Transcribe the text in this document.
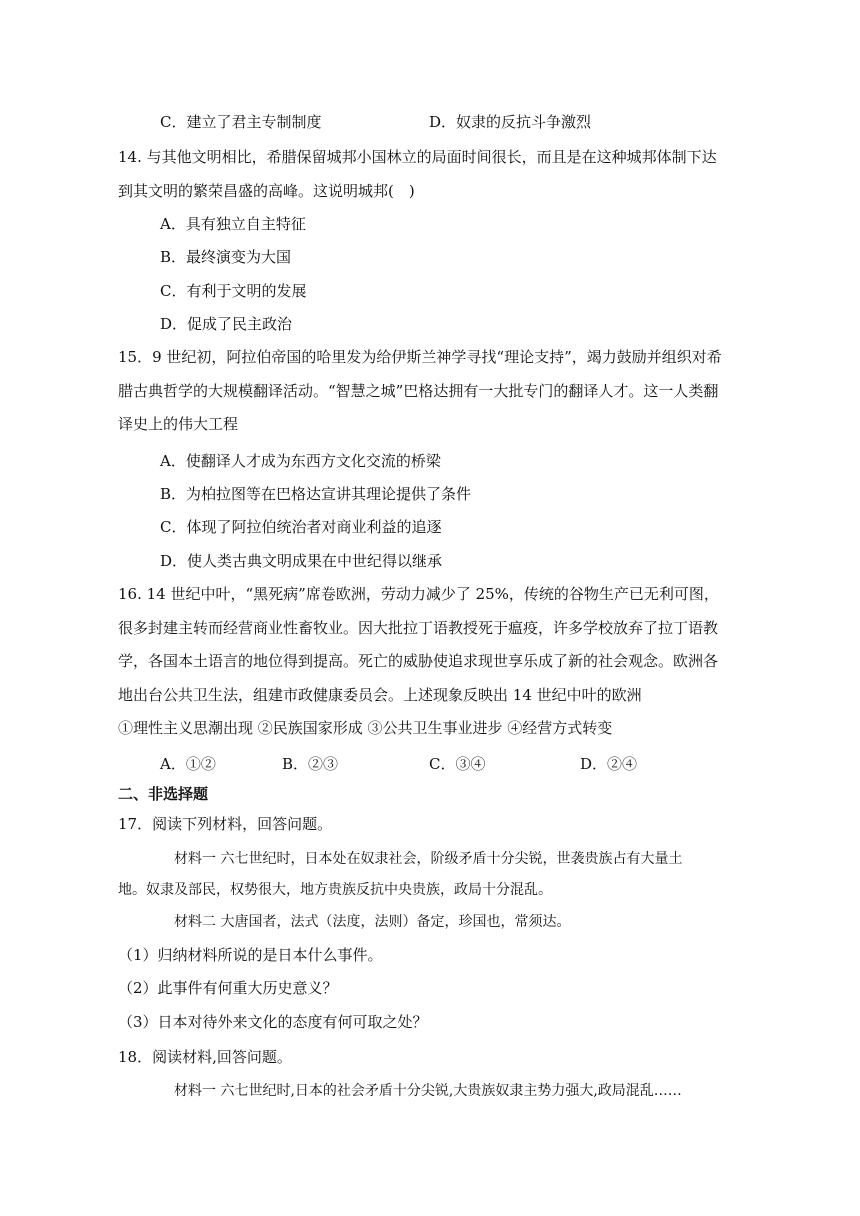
C．建立了君主专制制度	D．奴隶的反抗斗争激烈
14. 与其他文明相比，希腊保留城邦小国林立的局面时间很长，而且是在这种城邦体制下达
到其文明的繁荣昌盛的高峰。这说明城邦(　)
A．具有独立自主特征
B．最终演变为大国
C．有利于文明的发展
D．促成了民主政治
15．9 世纪初，阿拉伯帝国的哈里发为给伊斯兰神学寻找“理论支持”，竭力鼓励并组织对希
腊古典哲学的大规模翻译活动。“智慧之城”巴格达拥有一大批专门的翻译人才。这一人类翻
译史上的伟大工程
A．使翻译人才成为东西方文化交流的桥梁
B．为柏拉图等在巴格达宣讲其理论提供了条件
C．体现了阿拉伯统治者对商业利益的追逐
D．使人类古典文明成果在中世纪得以继承
16. 14 世纪中叶，“黑死病”席卷欧洲，劳动力减少了 25%，传统的谷物生产已无利可图，
很多封建主转而经营商业性畜牧业。因大批拉丁语教授死于瘟疫，许多学校放弃了拉丁语教
学，各国本土语言的地位得到提高。死亡的威胁使追求现世享乐成了新的社会观念。欧洲各
地出台公共卫生法，组建市政健康委员会。上述现象反映出 14 世纪中叶的欧洲
①理性主义思潮出现 ②民族国家形成 ③公共卫生事业进步 ④经营方式转变
A．①②	B．②③	C．③④	D．②④
二、非选择题
17．阅读下列材料，回答问题。
材料一 六七世纪时，日本处在奴隶社会，阶级矛盾十分尖锐，世袭贵族占有大量土
地。奴隶及部民，权势很大，地方贵族反抗中央贵族，政局十分混乱。
材料二 大唐国者，法式（法度，法则）备定，珍国也，常须达。
（1）归纳材料所说的是日本什么事件。
（2）此事件有何重大历史意义？
（3）日本对待外来文化的态度有何可取之处？
18．阅读材料,回答问题。
材料一 六七世纪时,日本的社会矛盾十分尖锐,大贵族奴隶主势力强大,政局混乱……
